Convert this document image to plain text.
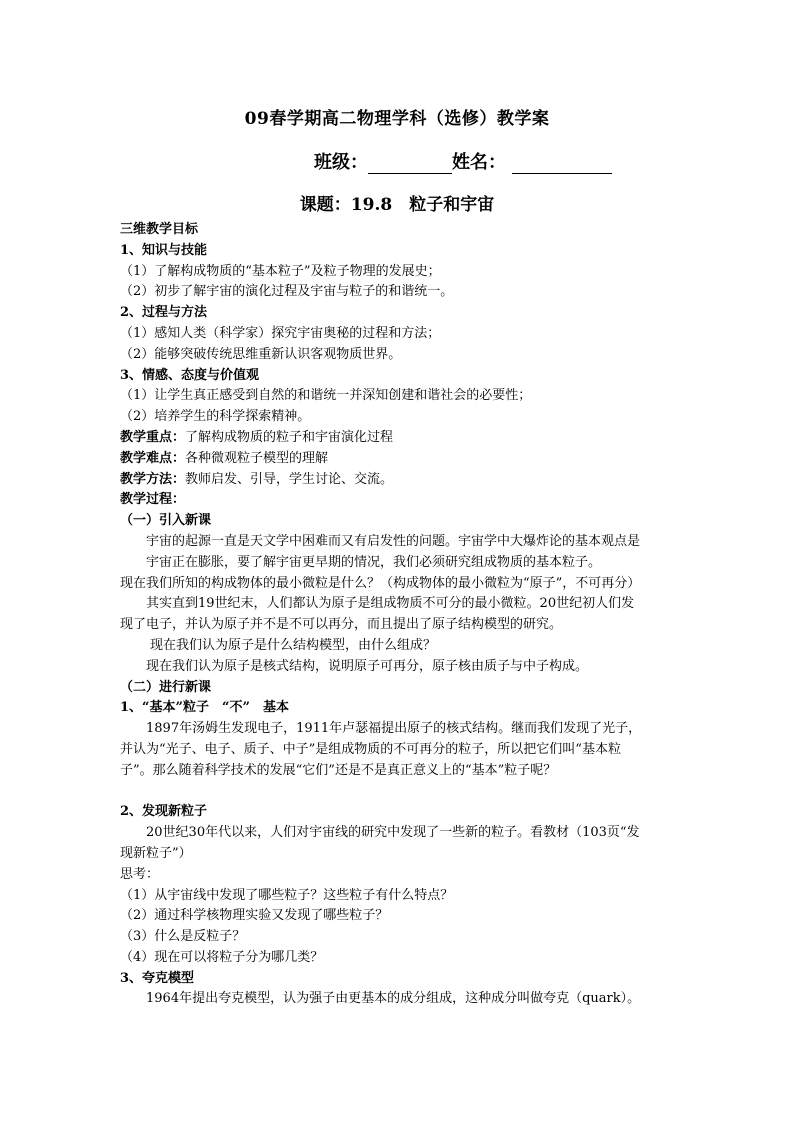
09春学期高二物理学科（选修）教学案
班级：	姓名：
课题：19.8　粒子和宇宙
三维教学目标
1、知识与技能
（1）了解构成物质的“基本粒子”及粒子物理的发展史；
（2）初步了解宇宙的演化过程及宇宙与粒子的和谐统一。
2、过程与方法
（1）感知人类（科学家）探究宇宙奥秘的过程和方法；
（2）能够突破传统思维重新认识客观物质世界。
3、情感、态度与价值观
（1）让学生真正感受到自然的和谐统一并深知创建和谐社会的必要性；
（2）培养学生的科学探索精神。
教学重点：了解构成物质的粒子和宇宙演化过程
教学难点：各种微观粒子模型的理解
教学方法：教师启发、引导，学生讨论、交流。
教学过程：
（一）引入新课
宇宙的起源一直是天文学中困难而又有启发性的问题。宇宙学中大爆炸论的基本观点是
宇宙正在膨胀，要了解宇宙更早期的情况，我们必须研究组成物质的基本粒子。
现在我们所知的构成物体的最小微粒是什么？（构成物体的最小微粒为“原子”，不可再分）
其实直到19世纪末，人们都认为原子是组成物质不可分的最小微粒。20世纪初人们发
现了电子，并认为原子并不是不可以再分，而且提出了原子结构模型的研究。
现在我们认为原子是什么结构模型，由什么组成？
现在我们认为原子是核式结构，说明原子可再分，原子核由质子与中子构成。
（二）进行新课
1、“基本”粒子　“不”　基本
1897年汤姆生发现电子，1911年卢瑟福提出原子的核式结构。继而我们发现了光子，
并认为“光子、电子、质子、中子”是组成物质的不可再分的粒子，所以把它们叫“基本粒
子”。那么随着科学技术的发展“它们”还是不是真正意义上的“基本”粒子呢？
2、发现新粒子
20世纪30年代以来，人们对宇宙线的研究中发现了一些新的粒子。看教材（103页“发
现新粒子”）
思考：
（1）从宇宙线中发现了哪些粒子？这些粒子有什么特点？
（2）通过科学核物理实验又发现了哪些粒子？
（3）什么是反粒子？
（4）现在可以将粒子分为哪几类？
3、夸克模型
1964年提出夸克模型，认为强子由更基本的成分组成，这种成分叫做夸克（quark）。
